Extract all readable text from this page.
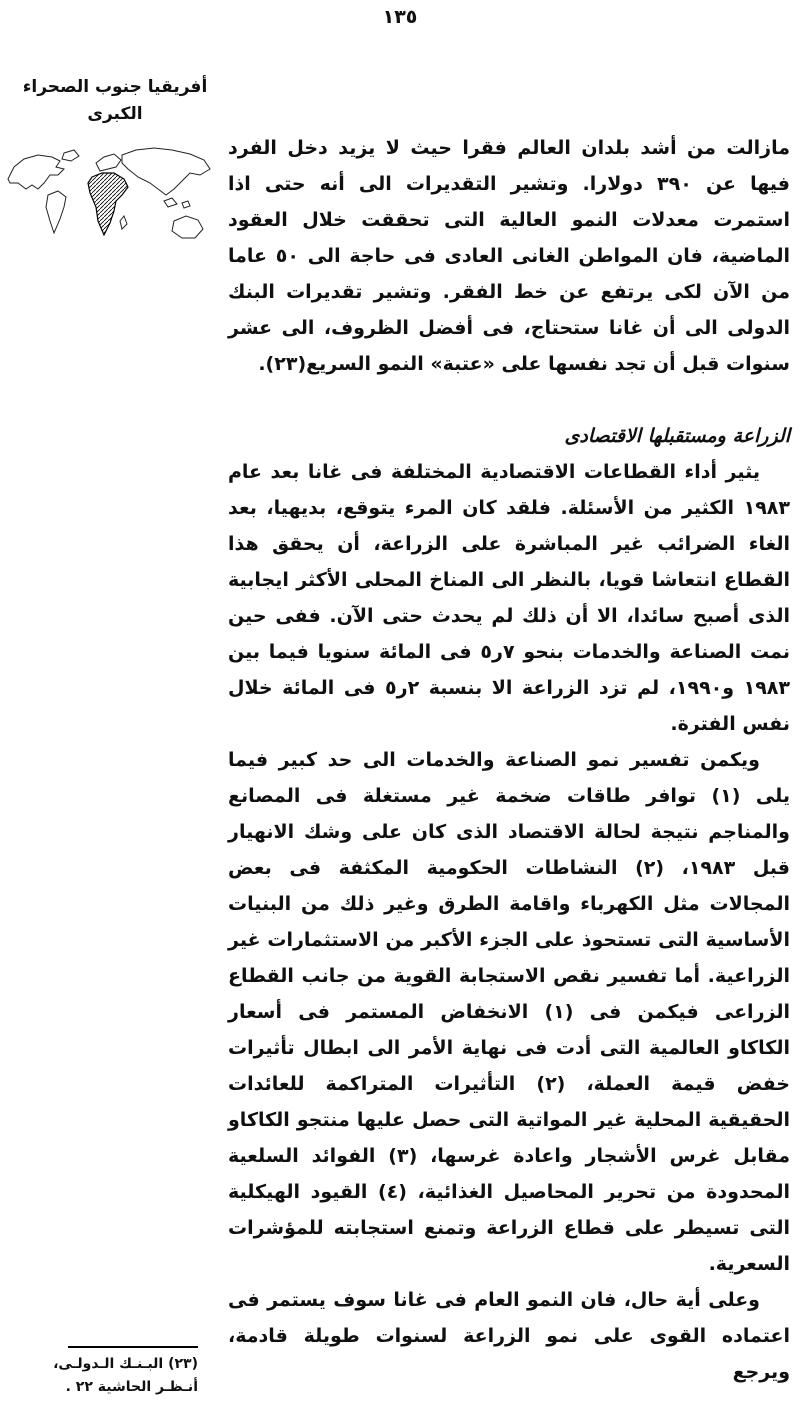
١٣٥
أفريقيا جنوب الصحراء
الكبرى

مازالت من أشد بلدان العالم فقرا حيث لا يزيد دخل الفرد فيها عن ٣٩٠ دولارا. وتشير التقديرات الى أنه حتى اذا استمرت معدلات النمو العالية التى تحققت خلال العقود الماضية، فان المواطن الغانى العادى فى حاجة الى ٥٠ عاما من الآن لكى يرتفع عن خط الفقر. وتشير تقديرات البنك الدولى الى أن غانا ستحتاج، فى أفضل الظروف، الى عشر سنوات قبل أن تجد نفسها على «عتبة» النمو السريع(٢٣).

الزراعة ومستقبلها الاقتصادى

يثير أداء القطاعات الاقتصادية المختلفة فى غانا بعد عام ١٩٨٣ الكثير من الأسئلة. فلقد كان المرء يتوقع، بديهيا، بعد الغاء الضرائب غير المباشرة على الزراعة، أن يحقق هذا القطاع انتعاشا قويا، بالنظر الى المناخ المحلى الأكثر ايجابية الذى أصبح سائدا، الا أن ذلك لم يحدث حتى الآن. ففى حين نمت الصناعة والخدمات بنحو ٧ر٥ فى المائة سنويا فيما بين ١٩٨٣ و١٩٩٠، لم تزد الزراعة الا بنسبة ٢ر٥ فى المائة خلال نفس الفترة.

ويكمن تفسير نمو الصناعة والخدمات الى حد كبير فيما يلى (١) توافر طاقات ضخمة غير مستغلة فى المصانع والمناجم نتيجة لحالة الاقتصاد الذى كان على وشك الانهيار قبل ١٩٨٣، (٢) النشاطات الحكومية المكثفة فى بعض المجالات مثل الكهرباء واقامة الطرق وغير ذلك من البنيات الأساسية التى تستحوذ على الجزء الأكبر من الاستثمارات غير الزراعية. أما تفسير نقص الاستجابة القوية من جانب القطاع الزراعى فيكمن فى (١) الانخفاض المستمر فى أسعار الكاكاو العالمية التى أدت فى نهاية الأمر الى ابطال تأثيرات خفض قيمة العملة، (٢) التأثيرات المتراكمة للعائدات الحقيقية المحلية غير المواتية التى حصل عليها منتجو الكاكاو مقابل غرس الأشجار واعادة غرسها، (٣) الفوائد السلعية المحدودة من تحرير المحاصيل الغذائية، (٤) القيود الهيكلية التى تسيطر على قطاع الزراعة وتمنع استجابته للمؤشرات السعرية.

وعلى أية حال، فان النمو العام فى غانا سوف يستمر فى اعتماده القوى على نمو الزراعة لسنوات طويلة قادمة، ويرجع

(٢٣) البـنـك الـدولـى، أنـظـر الحاشية ٢٢ .
